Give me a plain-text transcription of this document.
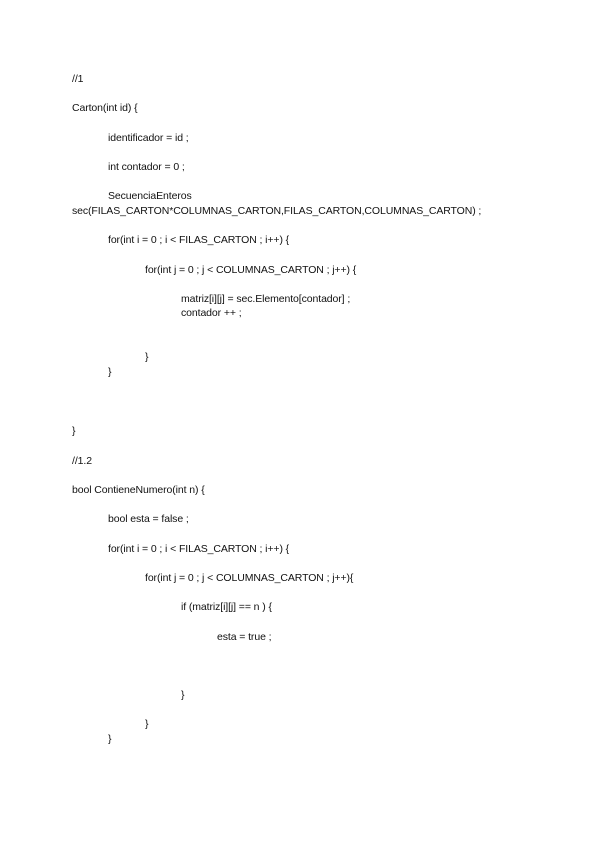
//1
Carton(int id) {
identificador = id ;
int contador = 0 ;
SecuenciaEnteros
sec(FILAS_CARTON*COLUMNAS_CARTON,FILAS_CARTON,COLUMNAS_CARTON) ;
for(int i = 0 ; i < FILAS_CARTON ; i++) {
for(int j = 0 ; j < COLUMNAS_CARTON ; j++) {
matriz[i][j] = sec.Elemento[contador] ;
contador ++ ;
}
}
}
//1.2
bool ContieneNumero(int n) {
bool esta = false ;
for(int i = 0 ; i < FILAS_CARTON ; i++) {
for(int j = 0 ; j < COLUMNAS_CARTON ; j++){
if (matriz[i][j] == n ) {
esta = true ;
}
}
}
